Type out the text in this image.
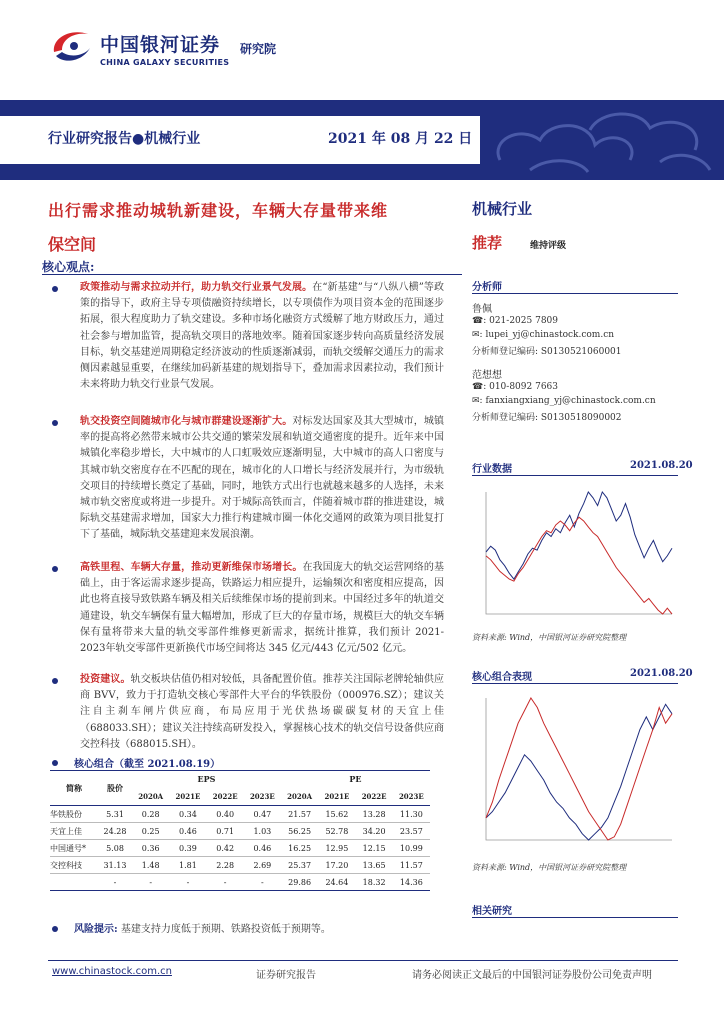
中国银河证券 研究院
CHINA GALAXY SECURITIES
行业研究报告●机械行业	2021 年 08 月 22 日
出行需求推动城轨新建设，车辆大存量带来维
保空间
机械行业
推荐	维持评级
核心观点:
政策推动与需求拉动并行，助力轨交行业景气发展。在“新基建”与“八纵八横”等政策的指导下，政府主导专项债融资持续增长，以专项债作为项目资本金的范围逐步拓展，很大程度助力了轨交建设。多种市场化融资方式缓解了地方财政压力，通过社会参与增加监管，提高轨交项目的落地效率。随着国家逐步转向高质量经济发展目标，轨交基建逆周期稳定经济波动的性质逐渐减弱，而轨交缓解交通压力的需求侧因素越显重要，在继续加码新基建的规划指导下，叠加需求因素拉动，我们预计未来将助力轨交行业景气发展。
轨交投资空间随城市化与城市群建设逐渐扩大。对标发达国家及其大型城市，城镇率的提高将必然带来城市公共交通的繁荣发展和轨道交通密度的提升。近年来中国城镇化率稳步增长，大中城市的人口虹吸效应逐渐明显，大中城市的高人口密度与其城市轨交密度存在不匹配的现在，城市化的人口增长与经济发展并行，为市级轨交项目的持续增长奠定了基础，同时，地铁方式出行也就越来越多的人选择，未来城市轨交密度或将进一步提升。对于城际高铁而言，伴随着城市群的推进建设，城际轨交基建需求增加，国家大力推行构建城市圈一体化交通网的政策为项目批复打下了基础，城际轨交基建迎来发展浪潮。
高铁里程、车辆大存量，推动更新维保市场增长。在我国庞大的轨交运营网络的基础上，由于客运需求逐步提高，铁路运力相应提升，运输频次和密度相应提高，因此也将直接导致铁路车辆及相关后续维保市场的提前到来。中国经过多年的轨道交通建设，轨交车辆保有量大幅增加，形成了巨大的存量市场，规模巨大的轨交车辆保有量将带来大量的轨交零部件维修更新需求，据统计推算，我们预计 2021-2023年轨交零部件更新换代市场空间将达 345 亿元/443 亿元/502 亿元。
投资建议。轨交板块估值仍相对较低，具备配置价值。推荐关注国际老牌轮轴供应商 BVV，致力于打造轨交核心零部件大平台的华铁股份（000976.SZ）；建议关注自主刹车闸片供应商，布局应用于光伏热场碳碳复材的天宜上佳（688033.SH）；建议关注持续高研发投入，掌握核心技术的轨交信号设备供应商交控科技（688015.SH）。
核心组合（截至 2021.08.19）
简称	股价	EPS				PE			
		2020A	2021E	2022E	2023E	2020A	2021E	2022E	2023E
华铁股份	5.31	0.28	0.34	0.40	0.47	21.57	15.62	13.28	11.30
天宜上佳	24.28	0.25	0.46	0.71	1.03	56.25	52.78	34.20	23.57
中国通号*	5.08	0.36	0.39	0.42	0.46	16.25	12.95	12.15	10.99
交控科技	31.13	1.48	1.81	2.28	2.69	25.37	17.20	13.65	11.57
	-	-	-	-	-	29.86	24.64	18.32	14.36
风险提示: 基建支持力度低于预期、铁路投资低于预期等。
分析师
鲁佩
☎: 021-2025 7809
✉: lupei_yj@chinastock.com.cn
分析师登记编码: S0130521060001
范想想
☎: 010-8092 7663
✉: fanxiangxiang_yj@chinastock.com.cn
分析师登记编码: S0130518090002
行业数据	2021.08.20
资料来源: Wind，中国银河证券研究院整理
核心组合表现	2021.08.20
资料来源: Wind，中国银河证券研究院整理
相关研究
www.chinastock.com.cn	证券研究报告	请务必阅读正文最后的中国银河证券股份公司免责声明
